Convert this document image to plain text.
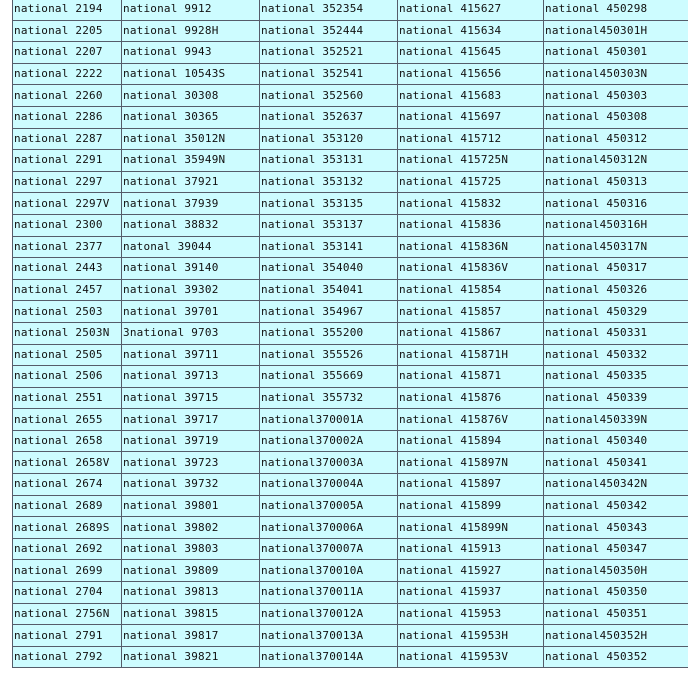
national 2194	national 9912	national 352354	national 415627	national 450298
national 2205	national 9928H	national 352444	national 415634	national450301H
national 2207	national 9943	national 352521	national 415645	national 450301
national 2222	national 10543S	national 352541	national 415656	national450303N
national 2260	national 30308	national 352560	national 415683	national 450303
national 2286	national 30365	national 352637	national 415697	national 450308
national 2287	national 35012N	national 353120	national 415712	national 450312
national 2291	national 35949N	national 353131	national 415725N	national450312N
national 2297	national 37921	national 353132	national 415725	national 450313
national 2297V	national 37939	national 353135	national 415832	national 450316
national 2300	national 38832	national 353137	national 415836	national450316H
national 2377	natonal 39044	national 353141	national 415836N	national450317N
national 2443	national 39140	national 354040	national 415836V	national 450317
national 2457	national 39302	national 354041	national 415854	national 450326
national 2503	national 39701	national 354967	national 415857	national 450329
national 2503N	3national 9703	national 355200	national 415867	national 450331
national 2505	national 39711	national 355526	national 415871H	national 450332
national 2506	national 39713	national 355669	national 415871	national 450335
national 2551	national 39715	national 355732	national 415876	national 450339
national 2655	national 39717	national370001A	national 415876V	national450339N
national 2658	national 39719	national370002A	national 415894	national 450340
national 2658V	national 39723	national370003A	national 415897N	national 450341
national 2674	national 39732	national370004A	national 415897	national450342N
national 2689	national 39801	national370005A	national 415899	national 450342
national 2689S	national 39802	national370006A	national 415899N	national 450343
national 2692	national 39803	national370007A	national 415913	national 450347
national 2699	national 39809	national370010A	national 415927	national450350H
national 2704	national 39813	national370011A	national 415937	national 450350
national 2756N	national 39815	national370012A	national 415953	national 450351
national 2791	national 39817	national370013A	national 415953H	national450352H
national 2792	national 39821	national370014A	national 415953V	national 450352
